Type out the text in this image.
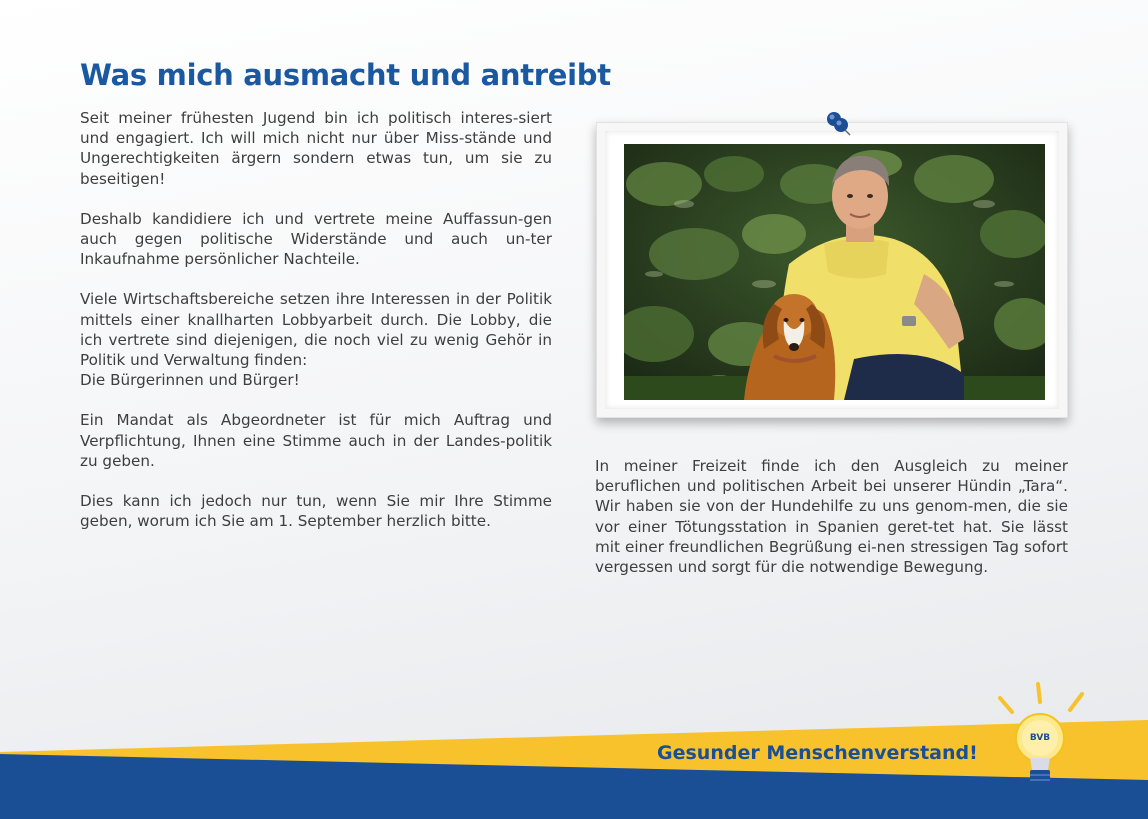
Was mich ausmacht und antreibt

Seit meiner frühesten Jugend bin ich politisch interes-siert und engagiert. Ich will mich nicht nur über Miss-stände und Ungerechtigkeiten ärgern sondern etwas tun, um sie zu beseitigen!

Deshalb kandidiere ich und vertrete meine Auffassun-gen auch gegen politische Widerstände und auch un-ter Inkaufnahme persönlicher Nachteile.

Viele Wirtschaftsbereiche setzen ihre Interessen in der Politik mittels einer knallharten Lobbyarbeit durch. Die Lobby, die ich vertrete sind diejenigen, die noch viel zu wenig Gehör in Politik und Verwaltung finden:
Die Bürgerinnen und Bürger!

Ein Mandat als Abgeordneter ist für mich Auftrag und Verpflichtung, Ihnen eine Stimme auch in der Landes-politik zu geben.

Dies kann ich jedoch nur tun, wenn Sie mir Ihre Stimme geben, worum ich Sie am 1. September herzlich bitte.

In meiner Freizeit finde ich den Ausgleich zu meiner beruflichen und politischen Arbeit bei unserer Hündin „Tara“. Wir haben sie von der Hundehilfe zu uns genom-men, die sie vor einer Tötungsstation in Spanien geret-tet hat. Sie lässt mit einer freundlichen Begrüßung ei-nen stressigen Tag sofort vergessen und sorgt für die notwendige Bewegung.

Gesunder Menschenverstand!
BVB
